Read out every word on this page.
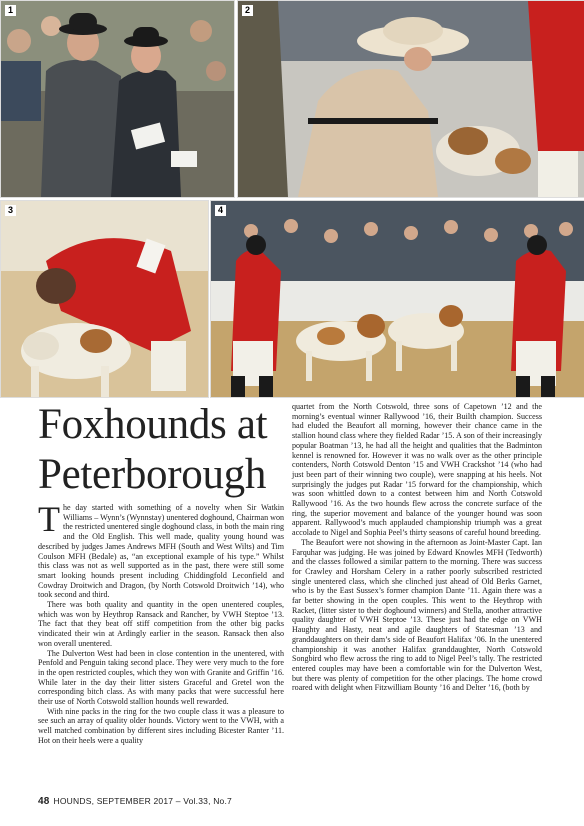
1	2
3	4
Foxhounds at
Peterborough

The day started with something of a novelty when Sir Watkin Williams – Wynn’s (Wynnstay) unentered doghound, Chairman won the restricted unentered single doghound class, in both the main ring and the Old English. This well made, quality young hound was described by judges James Andrews MFH (South and West Wilts) and Tim Coulson MFH (Bedale) as, “an exceptional example of his type.” Whilst this class was not as well supported as in the past, there were still some smart looking hounds present including Chiddingfold Leconfield and Cowdray Droitwich and Dragon, (by North Cotswold Droitwich ’14), who took second and third.

There was both quality and quantity in the open unentered couples, which was won by Heythrop Ransack and Rancher, by VWH Steptoe ’13. The fact that they beat off stiff competition from the other big packs vindicated their win at Ardingly earlier in the season. Ransack then also won overall unentered.

The Dulverton West had been in close contention in the unentered, with Penfold and Penguin taking second place. They were very much to the fore in the open restricted couples, which they won with Granite and Griffin ’16. While later in the day their litter sisters Graceful and Gretel won the corresponding bitch class. As with many packs that were successful here their use of North Cotswold stallion hounds well rewarded.

With nine packs in the ring for the two couple class it was a pleasure to see such an array of quality older hounds. Victory went to the VWH, with a well matched combination by different sires including Bicester Ranter ’11. Hot on their heels were a quality

quartet from the North Cotswold, three sons of Capetown ’12 and the morning’s eventual winner Rallywood ’16, their Builth champion. Success had eluded the Beaufort all morning, however their chance came in the stallion hound class where they fielded Radar ’15. A son of their increasingly popular Boatman ’13, he had all the height and qualities that the Badminton kennel is renowned for. However it was no walk over as the other principle contenders, North Cotswold Denton ’15 and VWH Crackshot ’14 (who had just been part of their winning two couple), were snapping at his heels. Not surprisingly the judges put Radar ’15 forward for the championship, which was soon whittled down to a contest between him and North Cotswold Rallywood ’16. As the two hounds flew across the concrete surface of the ring, the superior movement and balance of the younger hound was soon apparent. Rallywood’s much applauded championship triumph was a great accolade to Nigel and Sophia Peel’s thirty seasons of careful hound breeding.

The Beaufort were not showing in the afternoon as Joint-Master Capt. Ian Farquhar was judging. He was joined by Edward Knowles MFH (Tedworth) and the classes followed a similar pattern to the morning. There was success for Crawley and Horsham Celery in a rather poorly subscribed restricted single unentered class, which she clinched just ahead of Old Berks Garnet, who is by the East Sussex’s former champion Dante ’11. Again there was a far better showing in the open couples. This went to the Heythrop with Racket, (litter sister to their doghound winners) and Stella, another attractive quality daughter of VWH Steptoe ’13. These just had the edge on VWH Haughty and Hasty, neat and agile daughters of Statesman ’13 and granddaughters on their dam’s side of Beaufort Halifax ’06. In the unentered championship it was another Halifax granddaughter, North Cotswold Songbird who flew across the ring to add to Nigel Peel’s tally. The restricted entered couples may have been a comfortable win for the Dulverton West, but there was plenty of competition for the other placings. The home crowd roared with delight when Fitzwilliam Bounty ’16 and Delter ’16, (both by

48 HOUNDS, SEPTEMBER 2017 – Vol.33, No.7
